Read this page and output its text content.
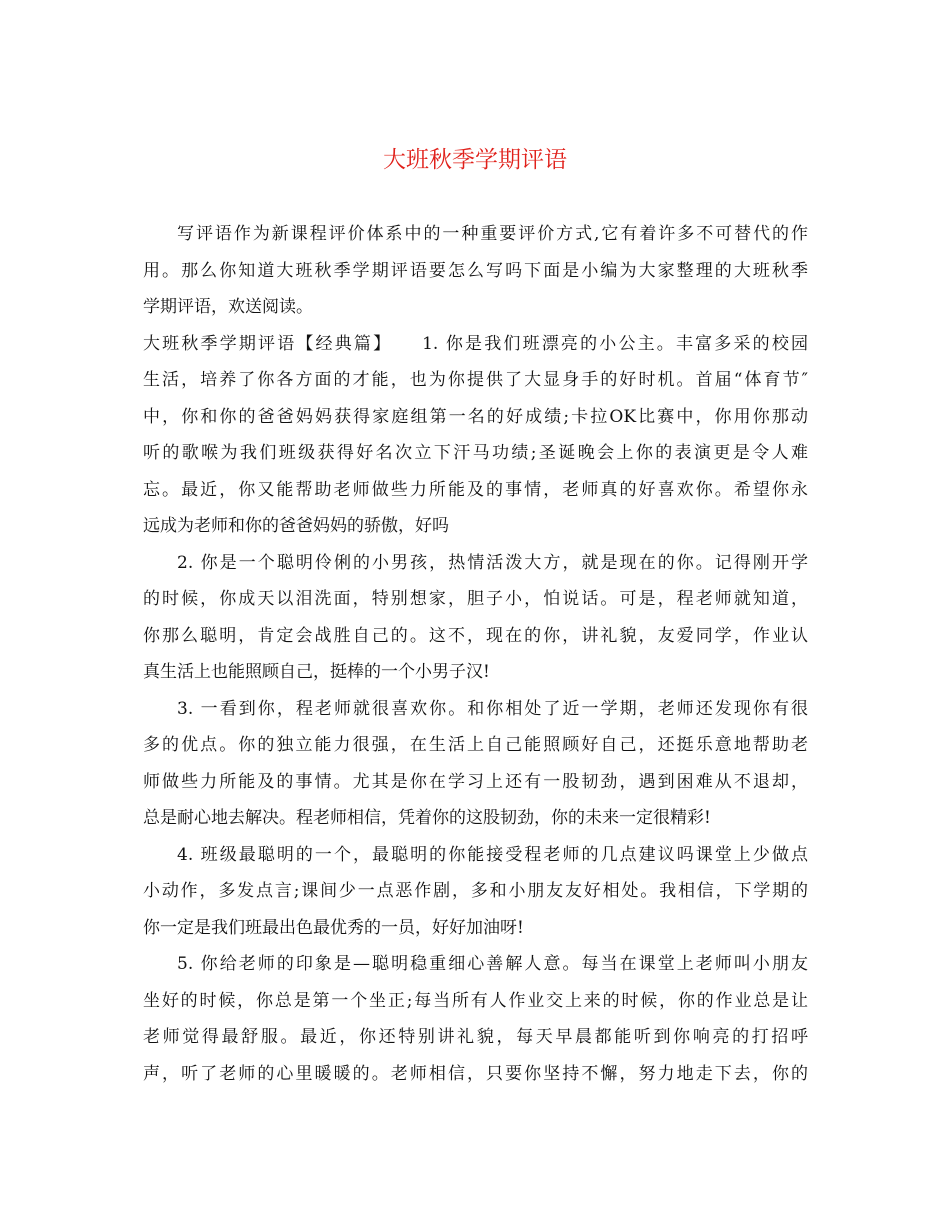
大班秋季学期评语
写评语作为新课程评价体系中的一种重要评价方式,它有着许多不可替代的作
用。那么你知道大班秋季学期评语要怎么写吗下面是小编为大家整理的大班秋季
学期评语，欢送阅读。
大班秋季学期评语【经典篇】　　1. 你是我们班漂亮的小公主。丰富多采的校园
生活，培养了你各方面的才能，也为你提供了大显身手的好时机。首届“体育节″
中，你和你的爸爸妈妈获得家庭组第一名的好成绩;卡拉OK比赛中，你用你那动
听的歌喉为我们班级获得好名次立下汗马功绩;圣诞晚会上你的表演更是令人难
忘。最近，你又能帮助老师做些力所能及的事情，老师真的好喜欢你。希望你永
远成为老师和你的爸爸妈妈的骄傲，好吗
2. 你是一个聪明伶俐的小男孩，热情活泼大方，就是现在的你。记得刚开学
的时候，你成天以泪洗面，特别想家，胆子小，怕说话。可是，程老师就知道，
你那么聪明，肯定会战胜自己的。这不，现在的你，讲礼貌，友爱同学，作业认
真生活上也能照顾自己，挺棒的一个小男子汉!
3. 一看到你，程老师就很喜欢你。和你相处了近一学期，老师还发现你有很
多的优点。你的独立能力很强，在生活上自己能照顾好自己，还挺乐意地帮助老
师做些力所能及的事情。尤其是你在学习上还有一股韧劲，遇到困难从不退却，
总是耐心地去解决。程老师相信，凭着你的这股韧劲，你的未来一定很精彩!
4. 班级最聪明的一个，最聪明的你能接受程老师的几点建议吗课堂上少做点
小动作，多发点言;课间少一点恶作剧，多和小朋友友好相处。我相信，下学期的
你一定是我们班最出色最优秀的一员，好好加油呀!
5. 你给老师的印象是—聪明稳重细心善解人意。每当在课堂上老师叫小朋友
坐好的时候，你总是第一个坐正;每当所有人作业交上来的时候，你的作业总是让
老师觉得最舒服。最近，你还特别讲礼貌，每天早晨都能听到你响亮的打招呼
声，听了老师的心里暖暖的。老师相信，只要你坚持不懈，努力地走下去，你的
